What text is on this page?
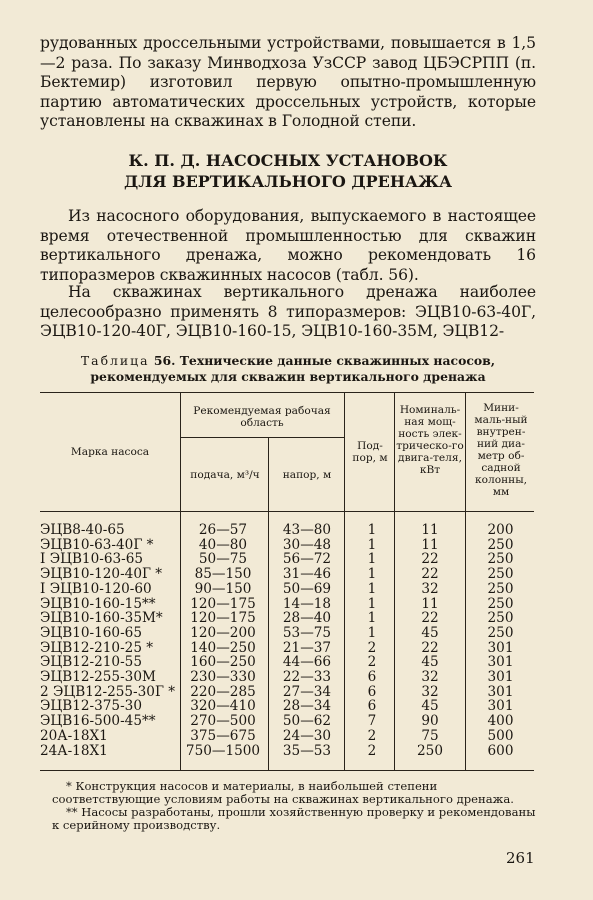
рудованных дроссельными устройствами, повышается в 1,5—2 раза. По заказу Минводхоза УзССР завод ЦБЭСРПП (п. Бектемир) изготовил первую опытно-промышленную партию автоматических дроссельных устройств, которые установлены на скважинах в Голодной степи.
К. П. Д. НАСОСНЫХ УСТАНОВОК
ДЛЯ ВЕРТИКАЛЬНОГО ДРЕНАЖА
Из насосного оборудования, выпускаемого в настоящее время отечественной промышленностью для скважин вертикального дренажа, можно рекомендовать 16 типоразмеров скважинных насосов (табл. 56).
На скважинах вертикального дренажа наиболее целесообразно применять 8 типоразмеров: ЭЦВ10-63-40Г, ЭЦВ10-120-40Г, ЭЦВ10-160-15, ЭЦВ10-160-35М, ЭЦВ12-
Таблица 56. Технические данные скважинных насосов,
рекомендуемых для скважин вертикального дренажа
Марка насоса
Рекомендуемая рабочая область
подача, м³/ч	напор, м
Под-пор, м
Номиналь-ная мощ-ность элек-трическо-го двига-теля, кВт
Мини-маль-ный внутрен-ний диа-метр об-садной колонны, мм
ЭЦВ8-40-65	26—57	43—80	1	11	200
ЭЦВ10-63-40Г *	40—80	30—48	1	11	250
I ЭЦВ10-63-65	50—75	56—72	1	22	250
ЭЦВ10-120-40Г *	85—150	31—46	1	22	250
I ЭЦВ10-120-60	90—150	50—69	1	32	250
ЭЦВ10-160-15**	120—175	14—18	1	11	250
ЭЦВ10-160-35М*	120—175	28—40	1	22	250
ЭЦВ10-160-65	120—200	53—75	1	45	250
ЭЦВ12-210-25 *	140—250	21—37	2	22	301
ЭЦВ12-210-55	160—250	44—66	2	45	301
ЭЦВ12-255-30М	230—330	22—33	6	32	301
2 ЭЦВ12-255-30Г *	220—285	27—34	6	32	301
ЭЦВ12-375-30	320—410	28—34	6	45	301
ЭЦВ16-500-45**	270—500	50—62	7	90	400
20А-18X1	375—675	24—30	2	75	500
24А-18X1	750—1500	35—53	2	250	600
* Конструкция насосов и материалы, в наибольшей степени соответствующие условиям работы на скважинах вертикального дренажа.
** Насосы разработаны, прошли хозяйственную проверку и рекомендованы к серийному производству.
261
